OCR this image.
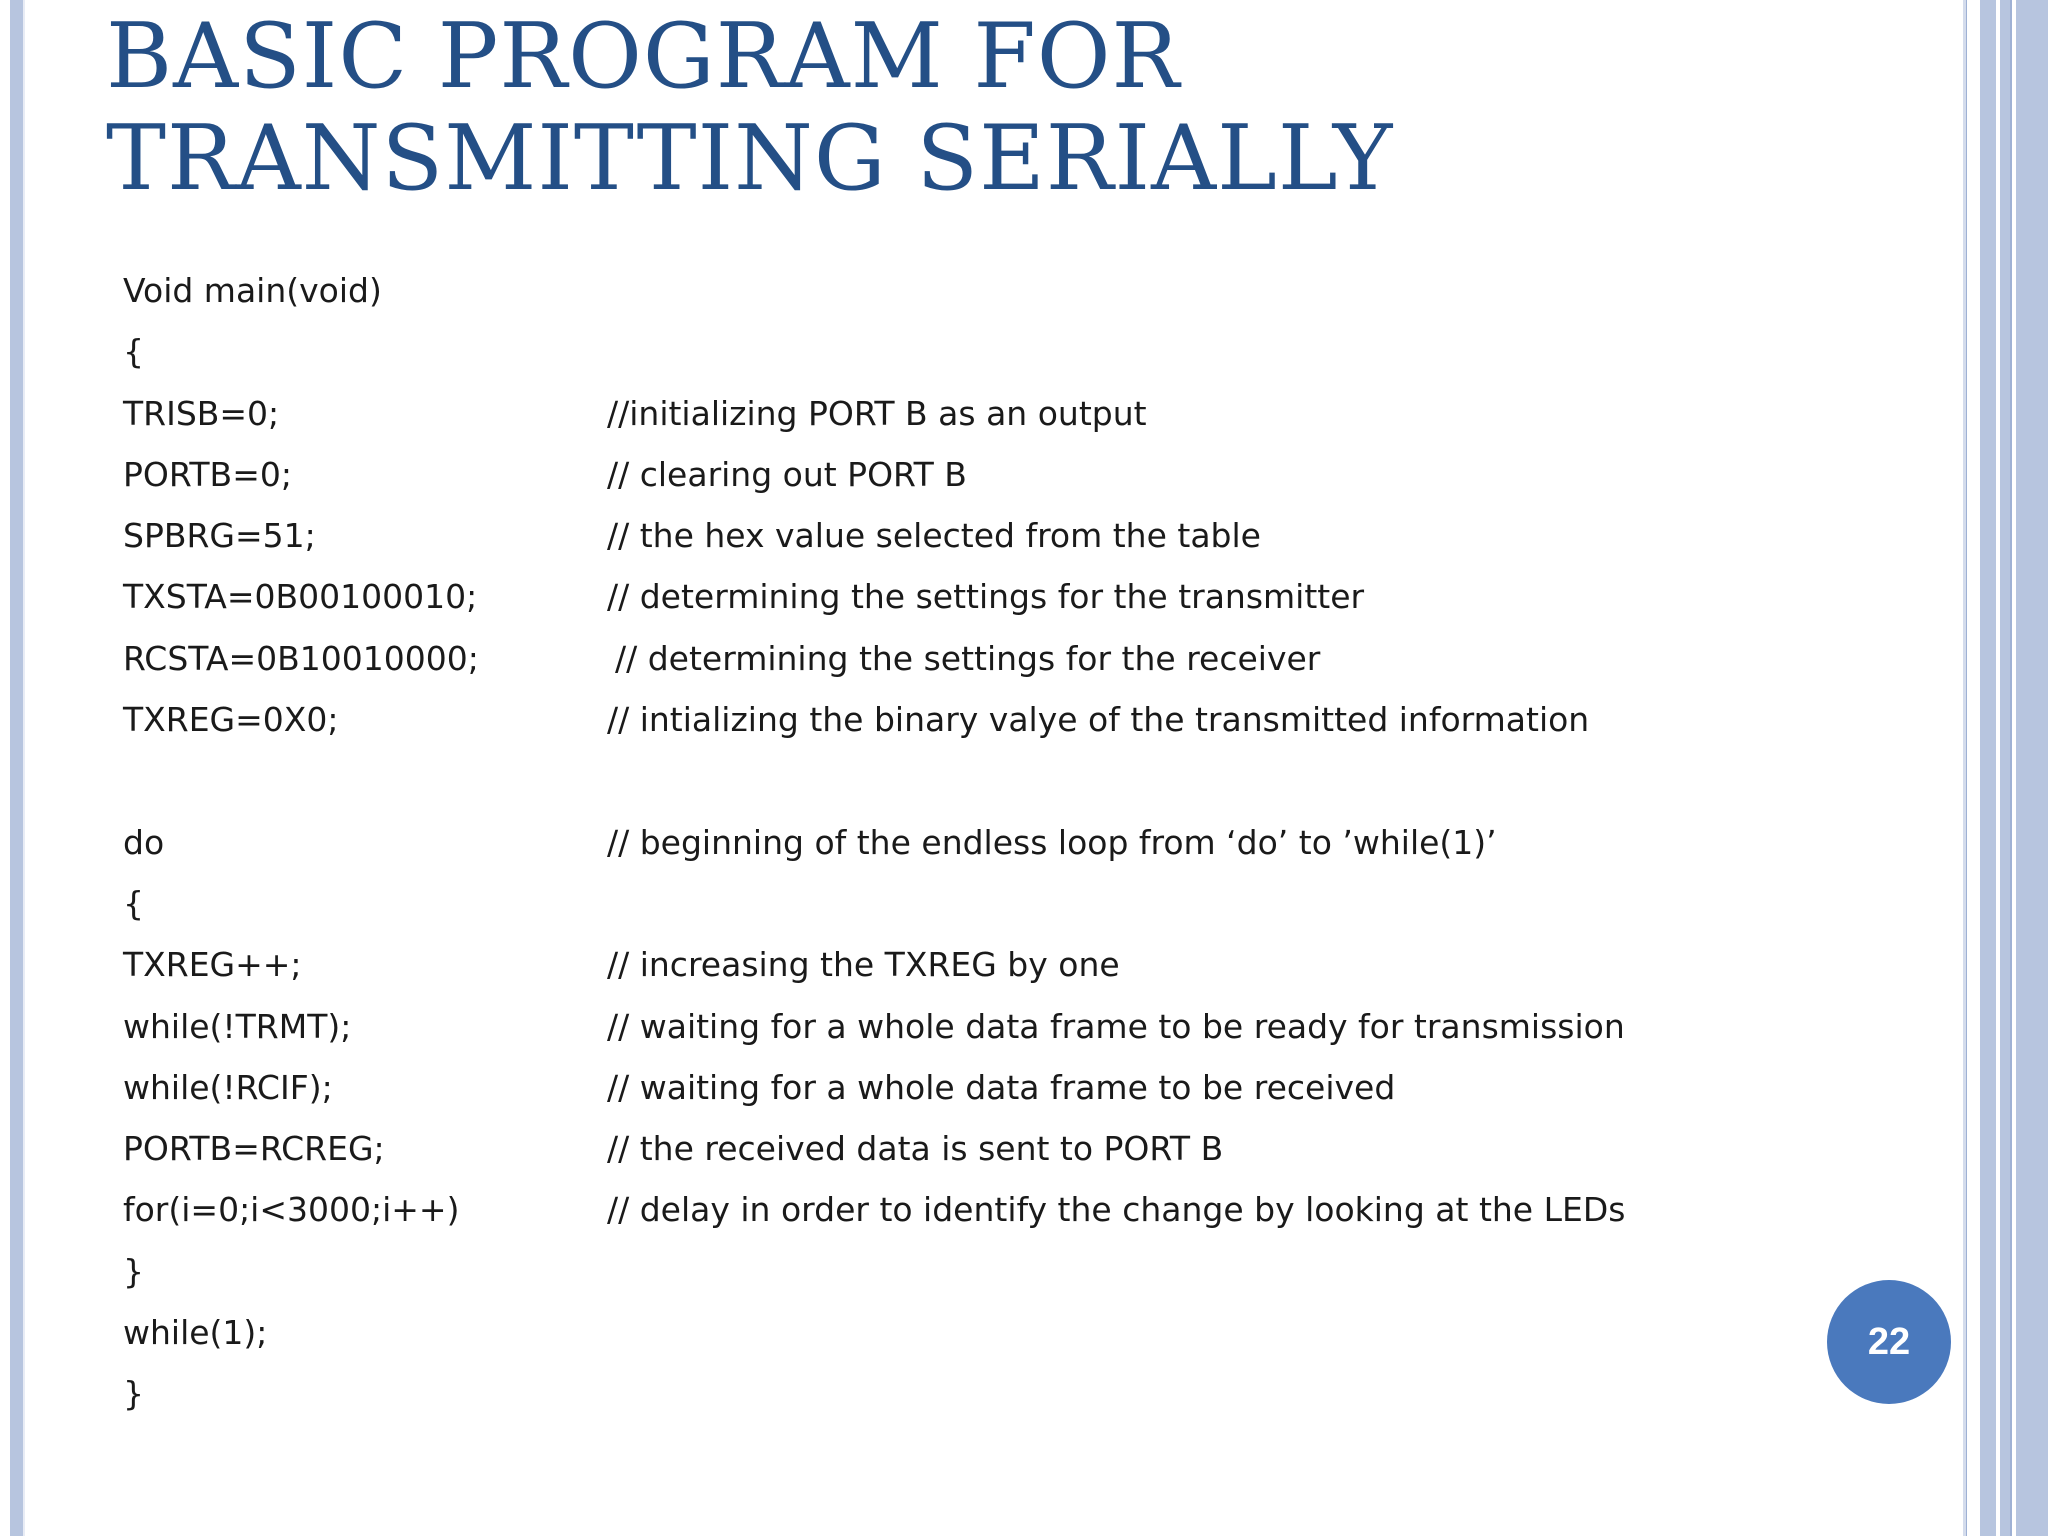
BASIC PROGRAM FOR TRANSMITTING SERIALLY
Void main(void)
{
TRISB=0;	//initializing PORT B as an output
PORTB=0;	// clearing out PORT B
SPBRG=51;	// the hex value selected from the table
TXSTA=0B00100010;	// determining the settings for the transmitter
RCSTA=0B10010000;	// determining the settings for the receiver
TXREG=0X0;	// intializing the binary valye of the transmitted information
do	// beginning of the endless loop from ‘do’ to ’while(1)’
{
TXREG++;	// increasing the TXREG by one
while(!TRMT);	// waiting for a whole data frame to be ready for transmission
while(!RCIF);	// waiting for a whole data frame to be received
PORTB=RCREG;	// the received data is sent to PORT B
for(i=0;i<3000;i++)	// delay in order to identify the change by looking at the LEDs
}
while(1);
}
22
